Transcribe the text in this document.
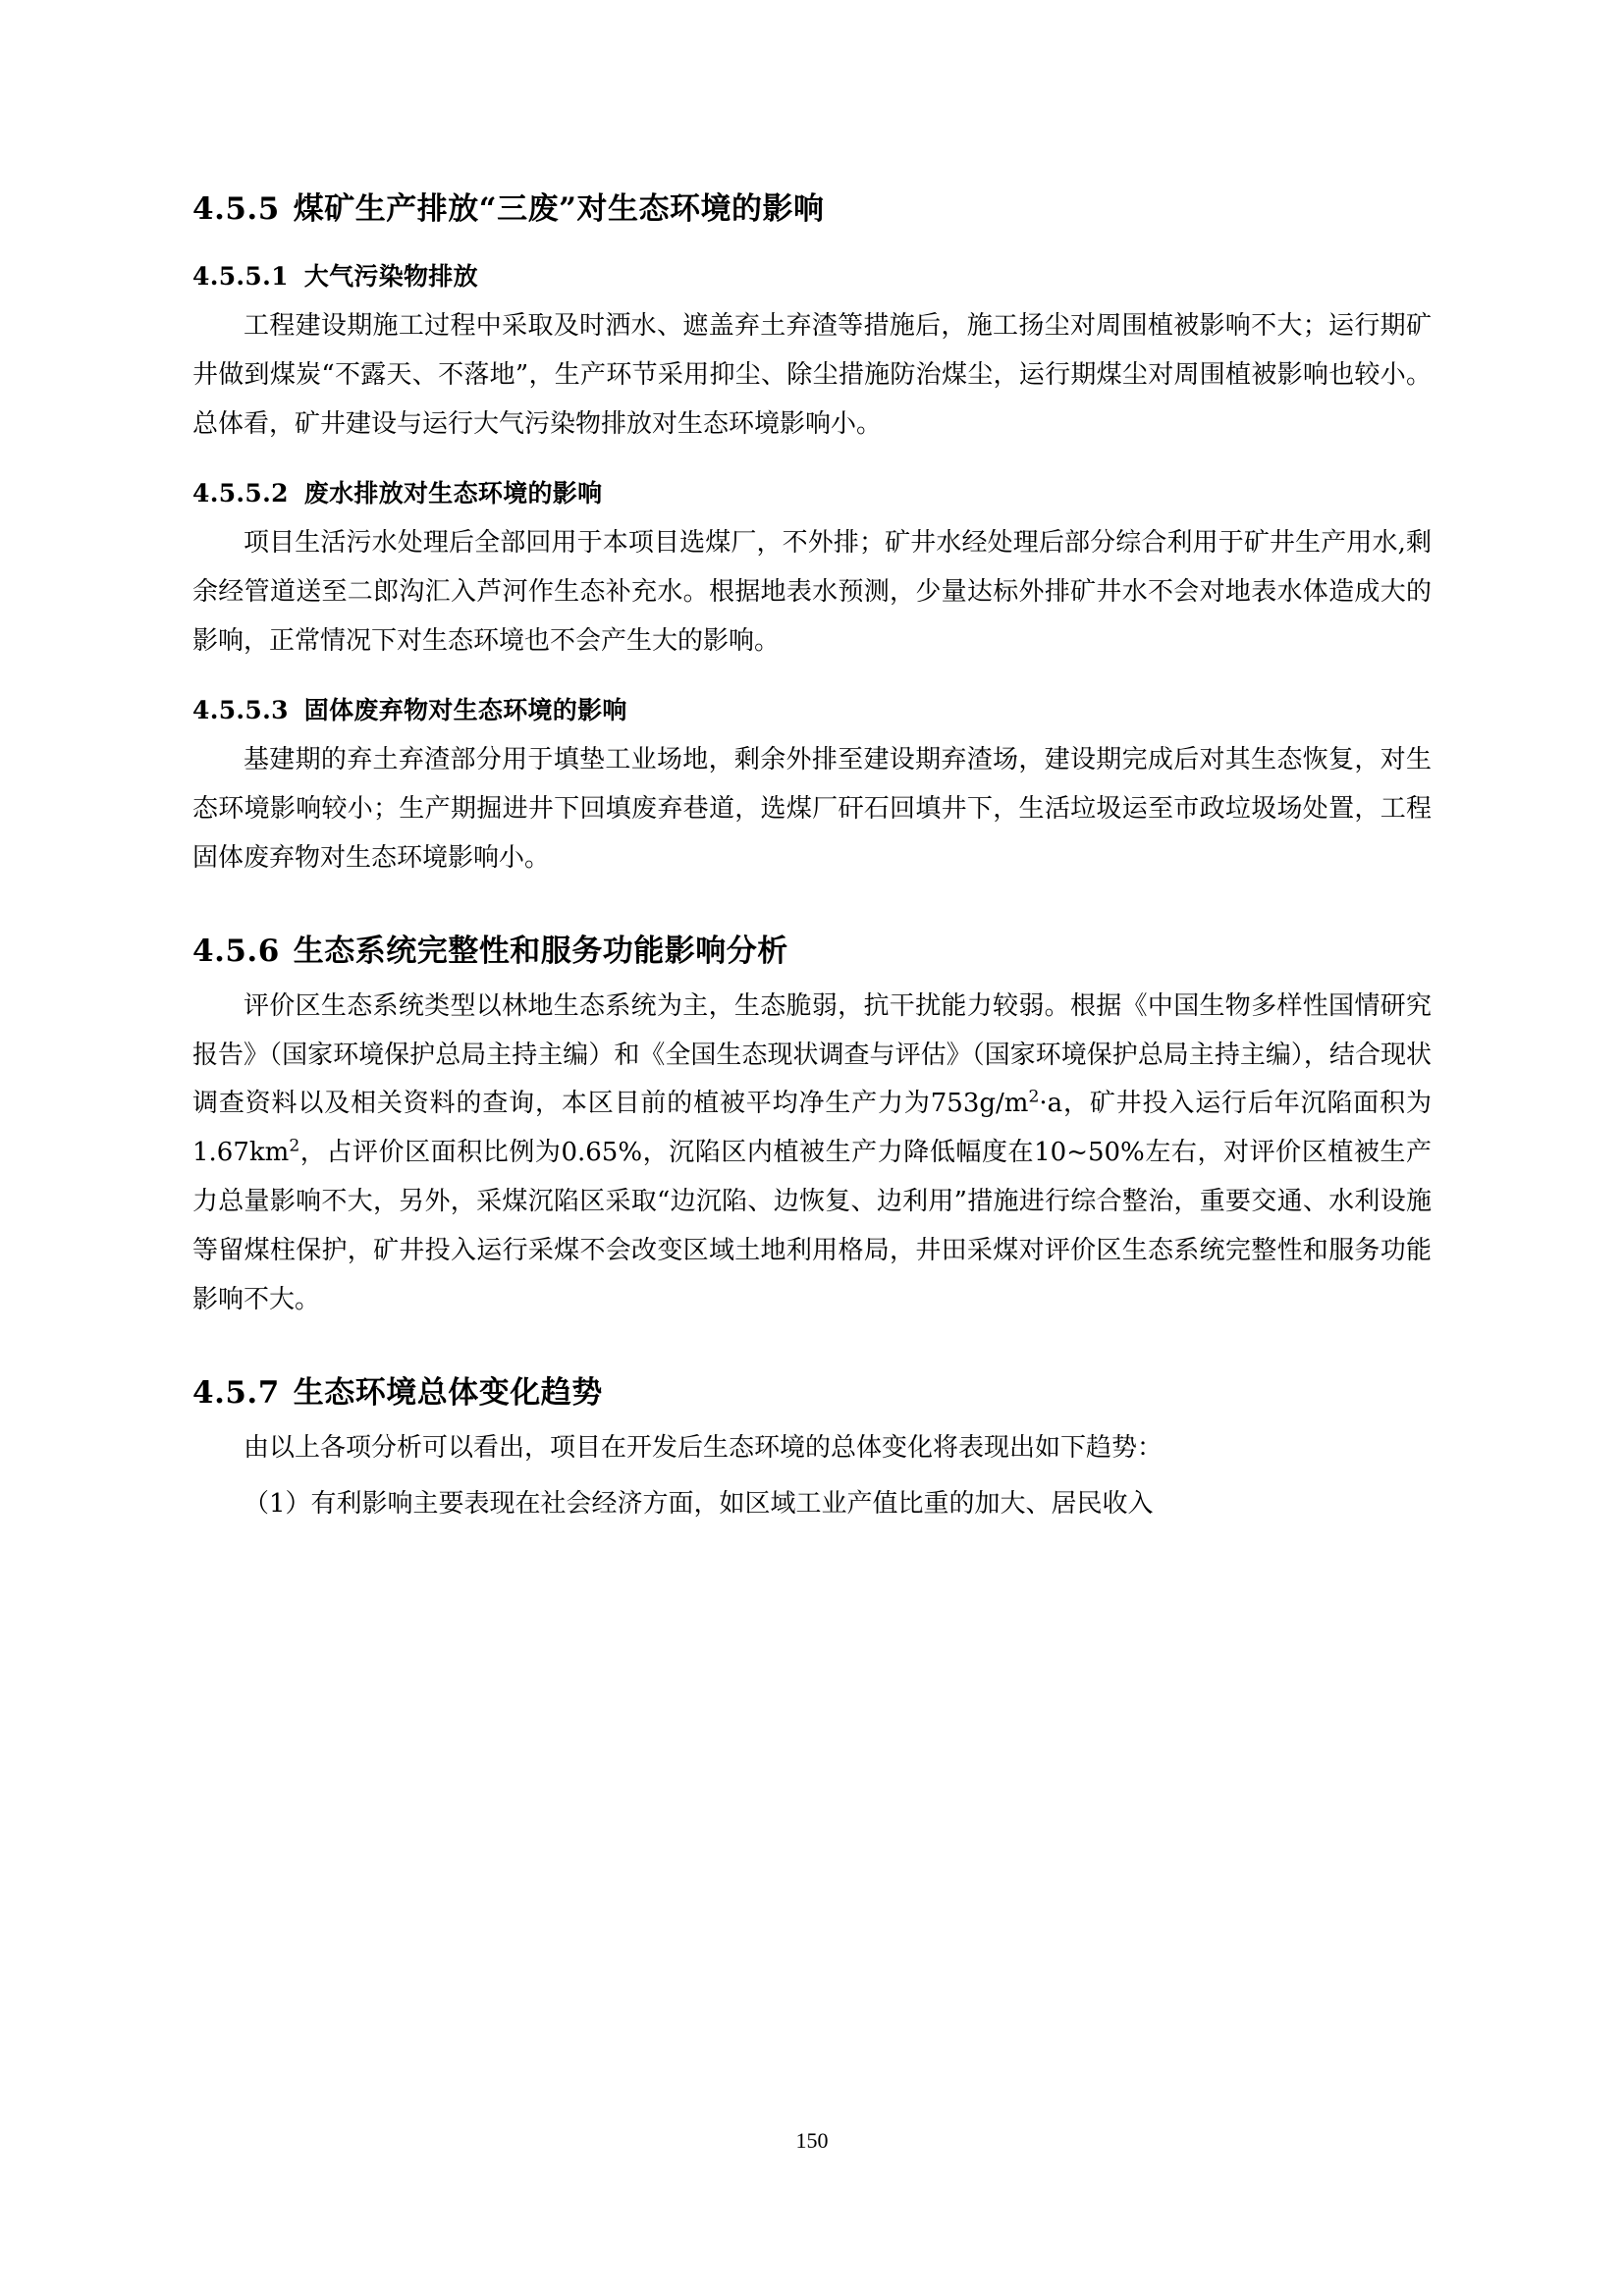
4.5.5 煤矿生产排放“三废”对生态环境的影响
4.5.5.1 大气污染物排放

工程建设期施工过程中采取及时洒水、遮盖弃土弃渣等措施后，施工扬尘对周围植被影响不大；运行期矿井做到煤炭“不露天、不落地”，生产环节采用抑尘、除尘措施防治煤尘，运行期煤尘对周围植被影响也较小。总体看，矿井建设与运行大气污染物排放对生态环境影响小。

4.5.5.2 废水排放对生态环境的影响

项目生活污水处理后全部回用于本项目选煤厂，不外排；矿井水经处理后部分综合利用于矿井生产用水,剩余经管道送至二郎沟汇入芦河作生态补充水。根据地表水预测，少量达标外排矿井水不会对地表水体造成大的影响，正常情况下对生态环境也不会产生大的影响。

4.5.5.3 固体废弃物对生态环境的影响

基建期的弃土弃渣部分用于填垫工业场地，剩余外排至建设期弃渣场，建设期完成后对其生态恢复，对生态环境影响较小；生产期掘进井下回填废弃巷道，选煤厂矸石回填井下，生活垃圾运至市政垃圾场处置，工程固体废弃物对生态环境影响小。

4.5.6 生态系统完整性和服务功能影响分析

评价区生态系统类型以林地生态系统为主，生态脆弱，抗干扰能力较弱。根据《中国生物多样性国情研究报告》（国家环境保护总局主持主编）和《全国生态现状调查与评估》（国家环境保护总局主持主编），结合现状调查资料以及相关资料的查询，本区目前的植被平均净生产力为$753g/m^2\cdot a$，矿井投入运行后年沉陷面积为$1.67km^2$，占评价区面积比例为0.65%，沉陷区内植被生产力降低幅度在10~50%左右，对评价区植被生产力总量影响不大，另外，采煤沉陷区采取“边沉陷、边恢复、边利用”措施进行综合整治，重要交通、水利设施等留煤柱保护，矿井投入运行采煤不会改变区域土地利用格局，井田采煤对评价区生态系统完整性和服务功能影响不大。

4.5.7 生态环境总体变化趋势

由以上各项分析可以看出，项目在开发后生态环境的总体变化将表现出如下趋势：

（1）有利影响主要表现在社会经济方面，如区域工业产值比重的加大、居民收入

150
